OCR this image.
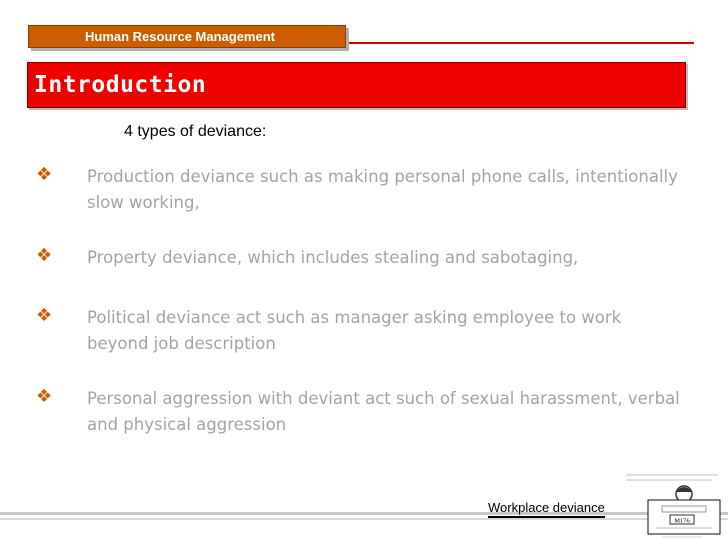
Human Resource Management
Introduction
4 types of deviance:
❖ Production deviance such as making personal phone calls, intentionally slow working,
❖ Property deviance, which includes stealing and sabotaging,
❖ Political deviance act such as manager asking employee to work beyond job description
❖ Personal aggression with deviant act such of sexual harassment, verbal and physical aggression
Workplace deviance
M176
